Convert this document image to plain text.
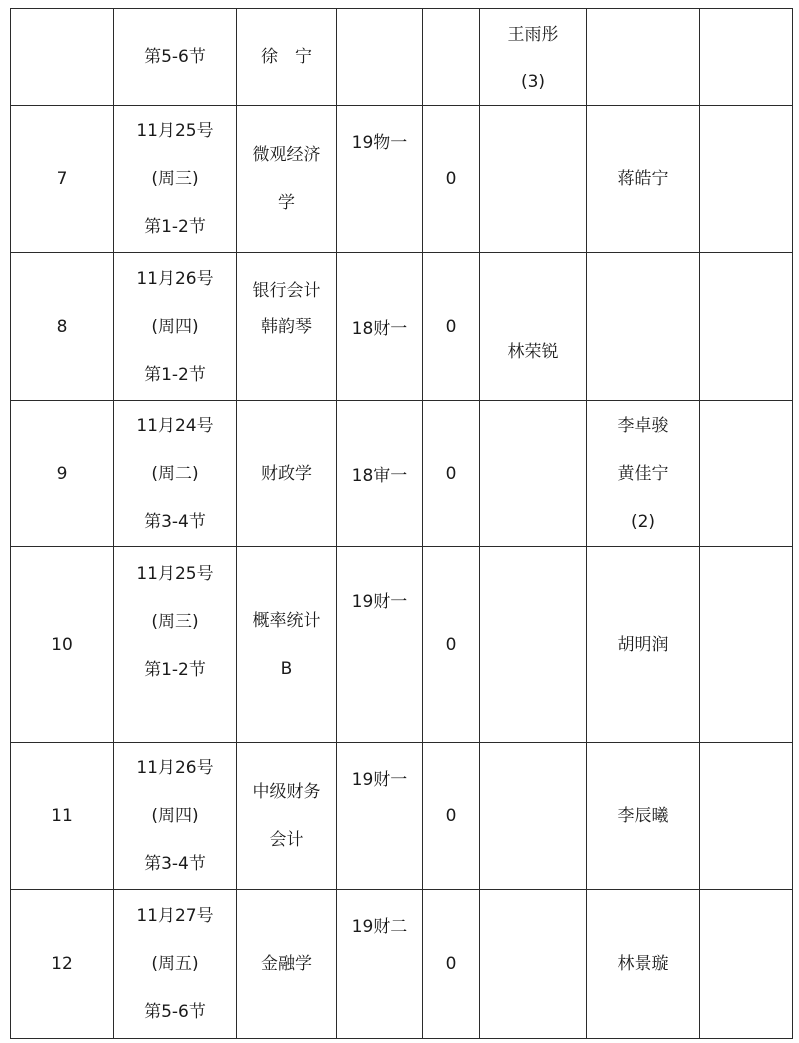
	第5-6节	徐　宁			王雨彤
(3)		

7	11月25号
(周三)
第1-2节	微观经济
学	19物一	0		蒋皓宁	

8	11月26号
(周四)
第1-2节	银行会计
韩韵琴	18财一	0	林荣锐		

9	11月24号
(周二)
第3-4节	财政学	18审一	0		李卓骏
黄佳宁
(2)	

10	11月25号
(周三)
第1-2节	概率统计
B	19财一	0		胡明润	

11	11月26号
(周四)
第3-4节	中级财务
会计	19财一	0		李辰曦	

12	11月27号
(周五)
第5-6节	金融学	19财二	0		林景璇	
